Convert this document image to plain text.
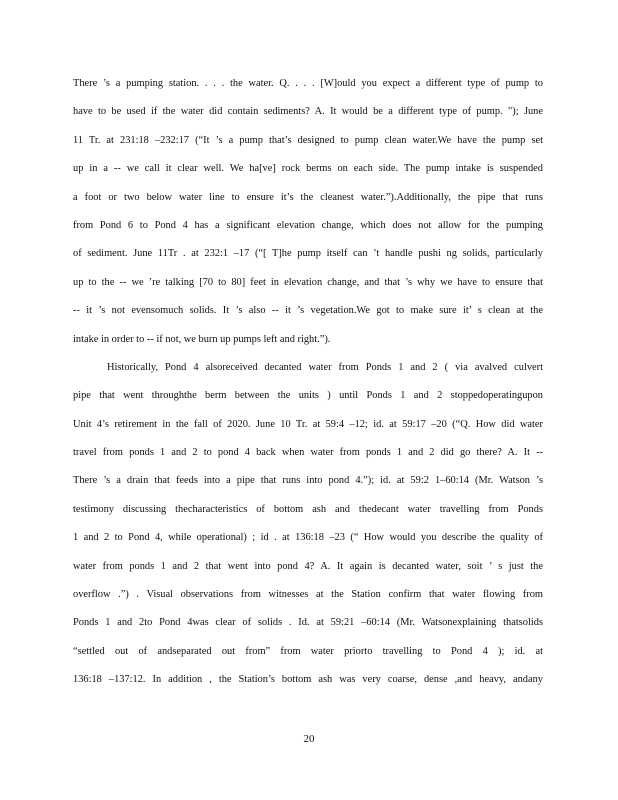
There ’s a pumping station. . . . the water. Q. . . . [W]ould you expect a different type of pump to
have to be used if the water did contain sediments? A. It would be a different type of pump. "); June
11 Tr. at 231:18 –232:17 (“It ’s a pump that’s designed to pump clean water.We have the pump set
up in a -- we call it clear well. We ha[ve] rock berms on each side. The pump intake is suspended
a foot or two below water line to ensure it’s the cleanest water.”).Additionally, the pipe that runs
from Pond 6 to Pond 4 has a significant elevation change, which does not allow for the pumping
of sediment. June 11Tr . at 232:1 –17 (“[ T]he pump itself can ’t handle pushi ng solids, particularly
up to the -- we ’re talking [70 to 80] feet in elevation change, and that ’s why we have to ensure that
-- it ’s not evensomuch solids. It ’s also -- it ’s vegetation.We got to make sure it’ s clean at the
intake in order to -- if not, we burn up pumps left and right.”).
Historically, Pond 4 alsoreceived decanted water from Ponds 1 and 2 ( via avalved culvert
pipe that went throughthe berm between the units ) until Ponds 1 and 2 stoppedoperatingupon
Unit 4’s retirement in the fall of 2020. June 10 Tr. at 59:4 –12; id. at 59:17 –20 (“Q. How did water
travel from ponds 1 and 2 to pond 4 back when water from ponds 1 and 2 did go there? A. It --
There ’s a drain that feeds into a pipe that runs into pond 4.”); id. at 59:2 1–60:14 (Mr. Watson ’s
testimony discussing thecharacteristics of bottom ash and thedecant water travelling from Ponds
1 and 2 to Pond 4, while operational) ; id . at 136:18 –23 (“ How would you describe the quality of
water from ponds 1 and 2 that went into pond 4? A. It again is decanted water, soit ’ s just the
overflow .”) . Visual observations from witnesses at the Station confirm that water flowing from
Ponds 1 and 2to Pond 4was clear of solids . Id. at 59:21 –60:14 (Mr. Watsonexplaining thatsolids
“settled out of andseparated out from” from water priorto travelling to Pond 4 ); id. at
136:18 –137:12. In addition , the Station’s bottom ash was very coarse, dense ,and heavy, andany
20
